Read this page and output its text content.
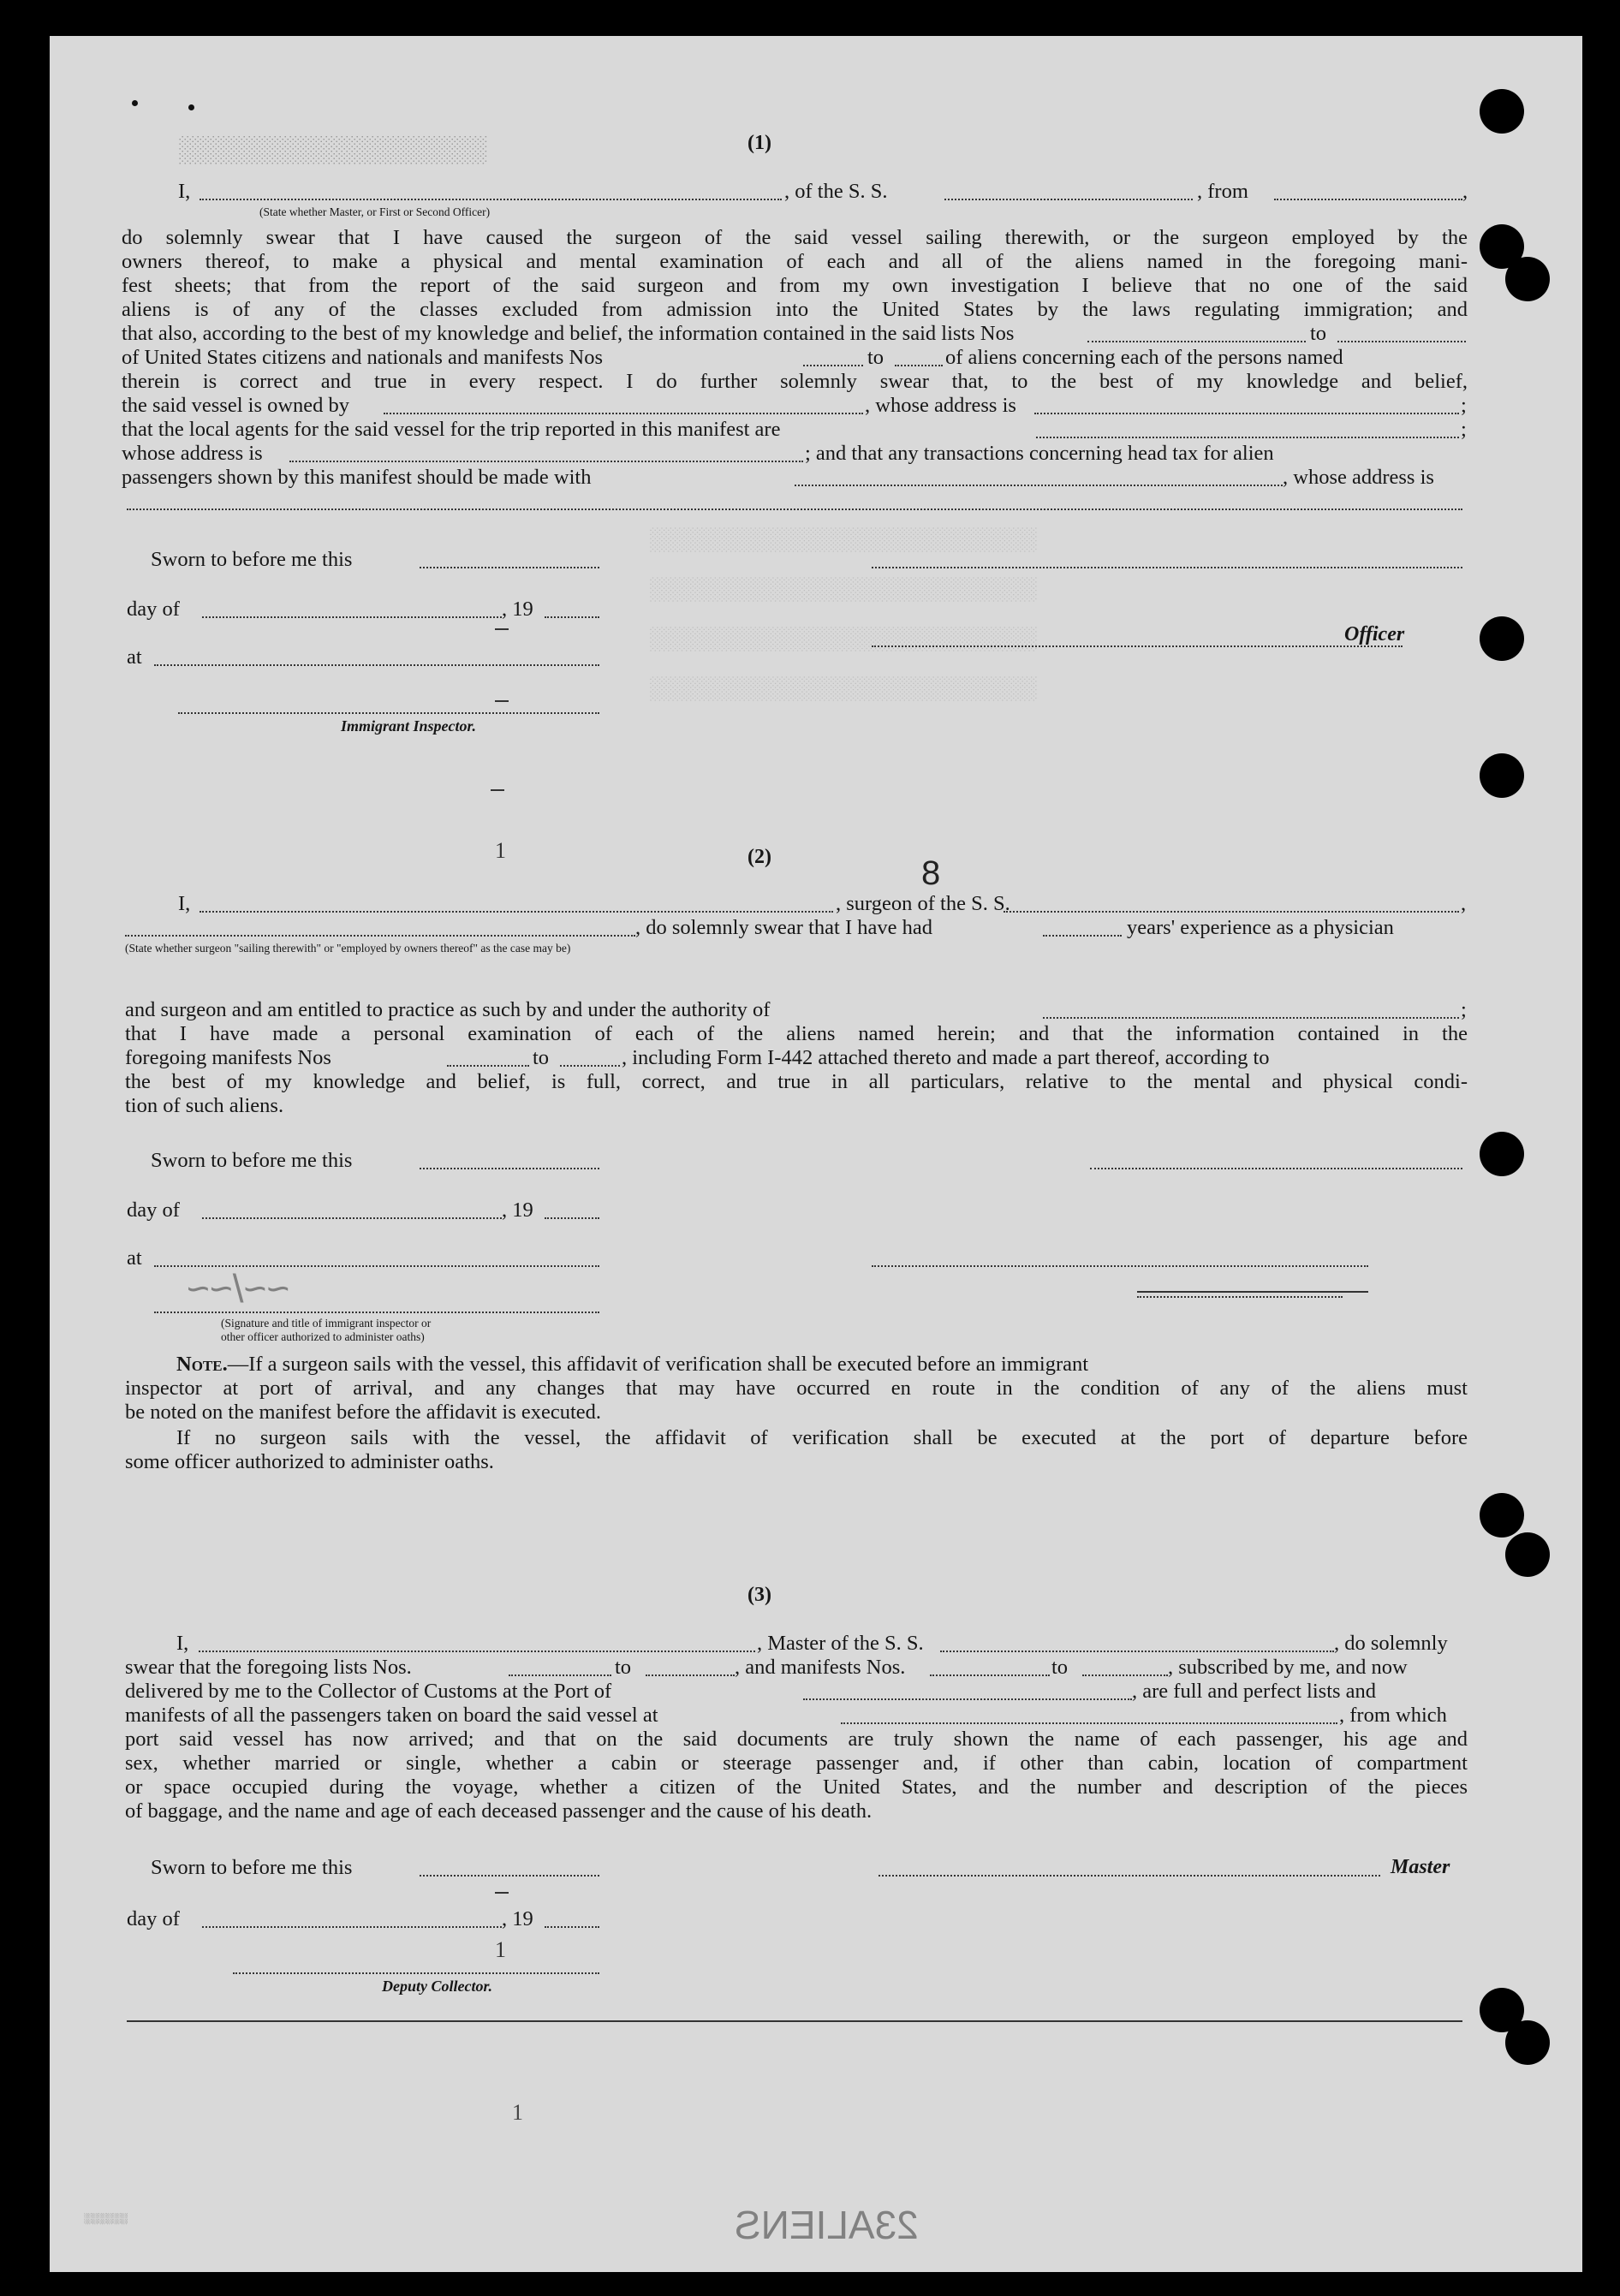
░░░░░░░░░░░░░░░░░░░░
░░░░░░░░░░░░░░░░░░░░░░░░░░░░░
░░░░░░░░░░░░░░░░░░░░░░░░░░░░░
░░░░░░░░░░░░░░░░░░░░░░░░░░░░░
░░░░░░░░░░░░░░░░░░░░░░░░░░░░░
(1)
I,	, of the S. S.	, from	,
(State whether Master, or First or Second Officer)
do solemnly swear that I have caused the surgeon of the said vessel sailing therewith, or the surgeon employed by the
owners thereof, to make a physical and mental examination of each and all of the aliens named in the foregoing mani-
fest sheets; that from the report of the said surgeon and from my own investigation I believe that no one of the said
aliens is of any of the classes excluded from admission into the United States by the laws regulating immigration; and
that also, according to the best of my knowledge and belief, the information contained in the said lists Nos	to
of United States citizens and nationals and manifests Nos	to	of aliens concerning each of the persons named
therein is correct and true in every respect. I do further solemnly swear that, to the best of my knowledge and belief,
the said vessel is owned by	, whose address is	;
that the local agents for the said vessel for the trip reported in this manifest are	;
whose address is	; and that any transactions concerning head tax for alien
passengers shown by this manifest should be made with	, whose address is
Sworn to before me this
day of	, 19
Officer
at
Immigrant Inspector.
1	(2)
I,	, surgeon of the S. S.	,
8
, do solemnly swear that I have had	years' experience as a physician
(State whether surgeon "sailing therewith" or "employed by owners thereof" as the case may be)
and surgeon and am entitled to practice as such by and under the authority of	;
that I have made a personal examination of each of the aliens named herein; and that the information contained in the
foregoing manifests Nos	to	, including Form I-442 attached thereto and made a part thereof, according to
the best of my knowledge and belief, is full, correct, and true in all particulars, relative to the mental and physical condi-
tion of such aliens.
Sworn to before me this
day of	, 19
at
~~/~~
(Signature and title of immigrant inspector or
other officer authorized to administer oaths)
Note.—If a surgeon sails with the vessel, this affidavit of verification shall be executed before an immigrant
inspector at port of arrival, and any changes that may have occurred en route in the condition of any of the aliens must
be noted on the manifest before the affidavit is executed.
If no surgeon sails with the vessel, the affidavit of verification shall be executed at the port of departure before
some officer authorized to administer oaths.
(3)
I,	, Master of the S. S.	, do solemnly
swear that the foregoing lists Nos.	to	, and manifests Nos.	to	, subscribed by me, and now
delivered by me to the Collector of Customs at the Port of	, are full and perfect lists and
manifests of all the passengers taken on board the said vessel at	, from which
port said vessel has now arrived; and that on the said documents are truly shown the name of each passenger, his age and
sex, whether married or single, whether a cabin or steerage passenger and, if other than cabin, location of compartment
or space occupied during the voyage, whether a citizen of the United States, and the number and description of the pieces
of baggage, and the name and age of each deceased passenger and the cause of his death.
Sworn to before me this	Master
day of	, 19
1
Deputy Collector.
1
░░░░░░	23ALIENS
